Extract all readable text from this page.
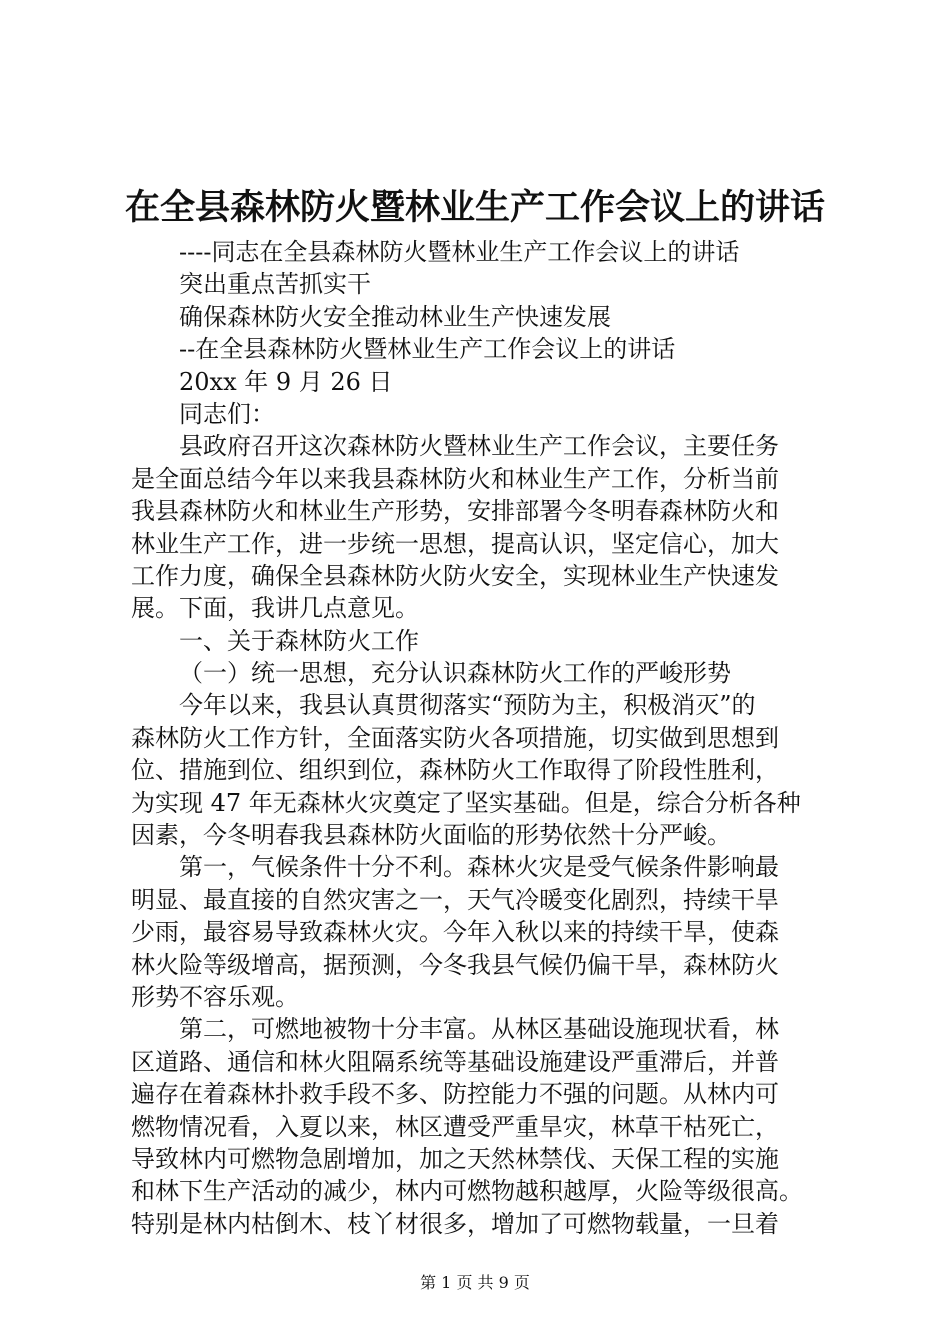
在全县森林防火暨林业生产工作会议上的讲话
----同志在全县森林防火暨林业生产工作会议上的讲话
突出重点苦抓实干
确保森林防火安全推动林业生产快速发展
--在全县森林防火暨林业生产工作会议上的讲话
20xx 年 9 月 26 日
同志们：
县政府召开这次森林防火暨林业生产工作会议，主要任务
是全面总结今年以来我县森林防火和林业生产工作，分析当前
我县森林防火和林业生产形势，安排部署今冬明春森林防火和
林业生产工作，进一步统一思想，提高认识，坚定信心，加大
工作力度，确保全县森林防火防火安全，实现林业生产快速发
展。下面，我讲几点意见。
一、关于森林防火工作
（一）统一思想，充分认识森林防火工作的严峻形势
今年以来，我县认真贯彻落实“预防为主，积极消灭”的
森林防火工作方针，全面落实防火各项措施，切实做到思想到
位、措施到位、组织到位，森林防火工作取得了阶段性胜利，
为实现 47 年无森林火灾奠定了坚实基础。但是，综合分析各种
因素，今冬明春我县森林防火面临的形势依然十分严峻。
第一，气候条件十分不利。森林火灾是受气候条件影响最
明显、最直接的自然灾害之一，天气冷暖变化剧烈，持续干旱
少雨，最容易导致森林火灾。今年入秋以来的持续干旱，使森
林火险等级增高，据预测，今冬我县气候仍偏干旱，森林防火
形势不容乐观。
第二，可燃地被物十分丰富。从林区基础设施现状看，林
区道路、通信和林火阻隔系统等基础设施建设严重滞后，并普
遍存在着森林扑救手段不多、防控能力不强的问题。从林内可
燃物情况看，入夏以来，林区遭受严重旱灾，林草干枯死亡，
导致林内可燃物急剧增加，加之天然林禁伐、天保工程的实施
和林下生产活动的减少，林内可燃物越积越厚，火险等级很高。
特别是林内枯倒木、枝丫材很多，增加了可燃物载量，一旦着
第 1 页 共 9 页
